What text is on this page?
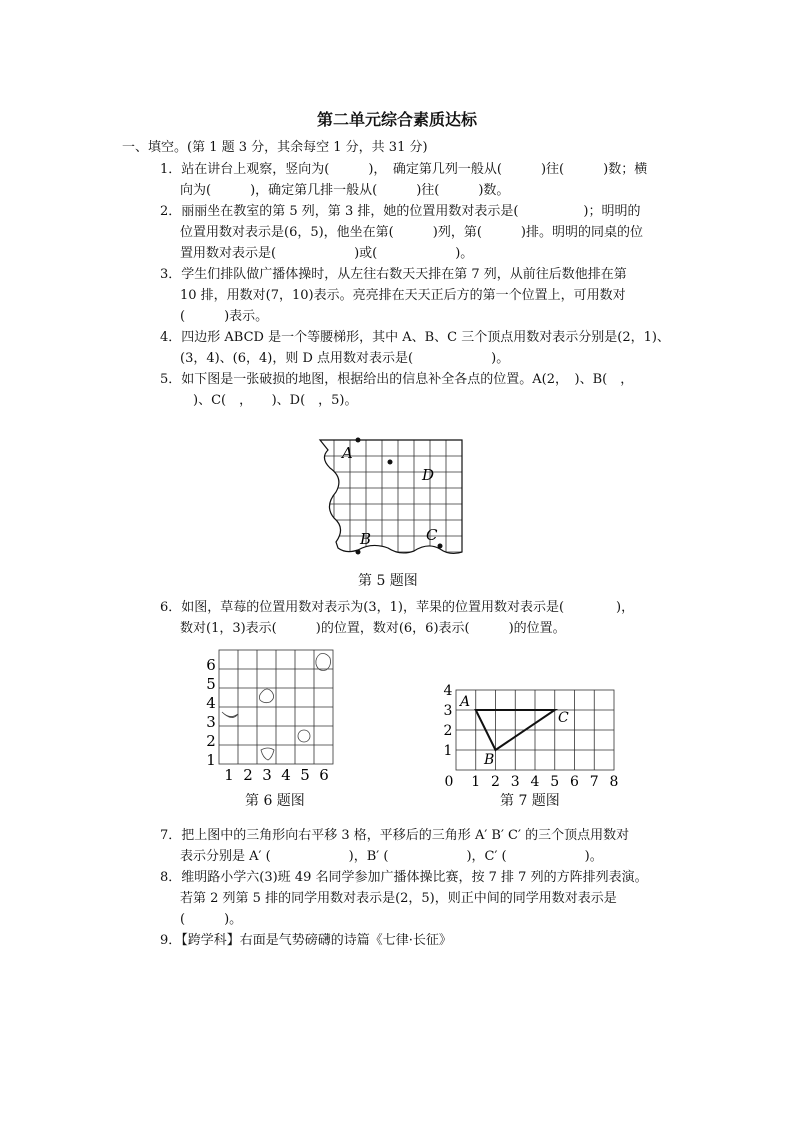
第二单元综合素质达标
一、填空。(第 1 题 3 分，其余每空 1 分，共 31 分)
1．站在讲台上观察，竖向为(　　　)，　确定第几列一般从(　　　)往(　　　)数；横
向为(　　　)，确定第几排一般从(　　　)往(　　　)数。
2．丽丽坐在教室的第 5 列，第 3 排，她的位置用数对表示是(　　　　　)；明明的
位置用数对表示是(6，5)，他坐在第(　　　)列，第(　　　)排。明明的同桌的位
置用数对表示是(　　　　　　)或(　　　　　　)。
3．学生们排队做广播体操时，从左往右数天天排在第 7 列，从前往后数他排在第
10 排，用数对(7，10)表示。亮亮排在天天正后方的第一个位置上，可用数对
(　　　)表示。
4．四边形 ABCD 是一个等腰梯形，其中 A、B、C 三个顶点用数对表示分别是(2，1)、
(3，4)、(6，4)，则 D 点用数对表示是(　　　　　　)。
5．如下图是一张破损的地图，根据给出的信息补全各点的位置。A(2，　)、B(　，
　)、C(　，　　)、D(　，5)。
A
D
B	C
第 5 题图
6．如图，草莓的位置用数对表示为(3，1)，苹果的位置用数对表示是(　　　　)，
数对(1，3)表示(　　　)的位置，数对(6，6)表示(　　　)的位置。
1 2 3 4 5 6
1
2
3
4
5
6
第 6 题图
0 1 2 3 4 5 6 7 8
1
2
3
4
A
B
C
第 7 题图
7．把上图中的三角形向右平移 3 格，平移后的三角形 A′ B′ C′ 的三个顶点用数对
表示分别是 A′ (　　　　　　)，B′ (　　　　　　)，C′ (　　　　　　)。
8．维明路小学六(3)班 49 名同学参加广播体操比赛，按 7 排 7 列的方阵排列表演。
若第 2 列第 5 排的同学用数对表示是(2，5)，则正中间的同学用数对表示是
(　　　)。
9．【跨学科】右面是气势磅礴的诗篇《七律·长征》
